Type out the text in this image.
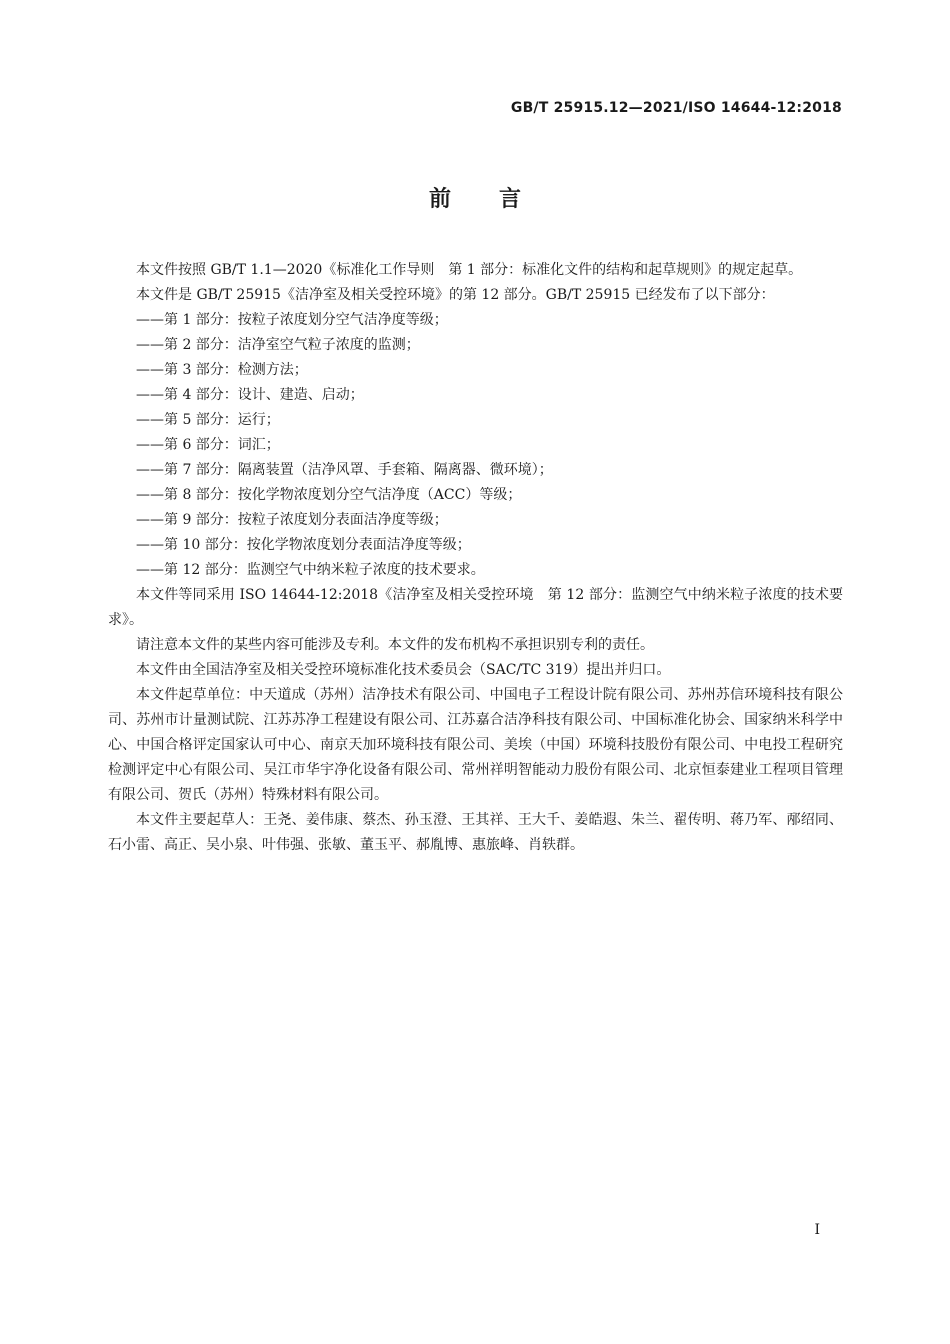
GB/T 25915.12—2021/ISO 14644-12:2018
前言

本文件按照 GB/T 1.1—2020《标准化工作导则　第 1 部分：标准化文件的结构和起草规则》的规定起草。

本文件是 GB/T 25915《洁净室及相关受控环境》的第 12 部分。GB/T 25915 已经发布了以下部分：

——第 1 部分：按粒子浓度划分空气洁净度等级；
——第 2 部分：洁净室空气粒子浓度的监测；
——第 3 部分：检测方法；
——第 4 部分：设计、建造、启动；
——第 5 部分：运行；
——第 6 部分：词汇；
——第 7 部分：隔离装置（洁净风罩、手套箱、隔离器、微环境）；
——第 8 部分：按化学物浓度划分空气洁净度（ACC）等级；
——第 9 部分：按粒子浓度划分表面洁净度等级；
——第 10 部分：按化学物浓度划分表面洁净度等级；
——第 12 部分：监测空气中纳米粒子浓度的技术要求。

本文件等同采用 ISO 14644-12:2018《洁净室及相关受控环境　第 12 部分：监测空气中纳米粒子浓度的技术要求》。

请注意本文件的某些内容可能涉及专利。本文件的发布机构不承担识别专利的责任。

本文件由全国洁净室及相关受控环境标准化技术委员会（SAC/TC 319）提出并归口。

本文件起草单位：中天道成（苏州）洁净技术有限公司、中国电子工程设计院有限公司、苏州苏信环境科技有限公司、苏州市计量测试院、江苏苏净工程建设有限公司、江苏嘉合洁净科技有限公司、中国标准化协会、国家纳米科学中心、中国合格评定国家认可中心、南京天加环境科技有限公司、美埃（中国）环境科技股份有限公司、中电投工程研究检测评定中心有限公司、吴江市华宇净化设备有限公司、常州祥明智能动力股份有限公司、北京恒泰建业工程项目管理有限公司、贺氏（苏州）特殊材料有限公司。

本文件主要起草人：王尧、姜伟康、蔡杰、孙玉澄、王其祥、王大千、姜皓遐、朱兰、翟传明、蒋乃军、邴绍同、石小雷、高正、吴小泉、叶伟强、张敏、董玉平、郝胤博、惠旅峰、肖轶群。

I
